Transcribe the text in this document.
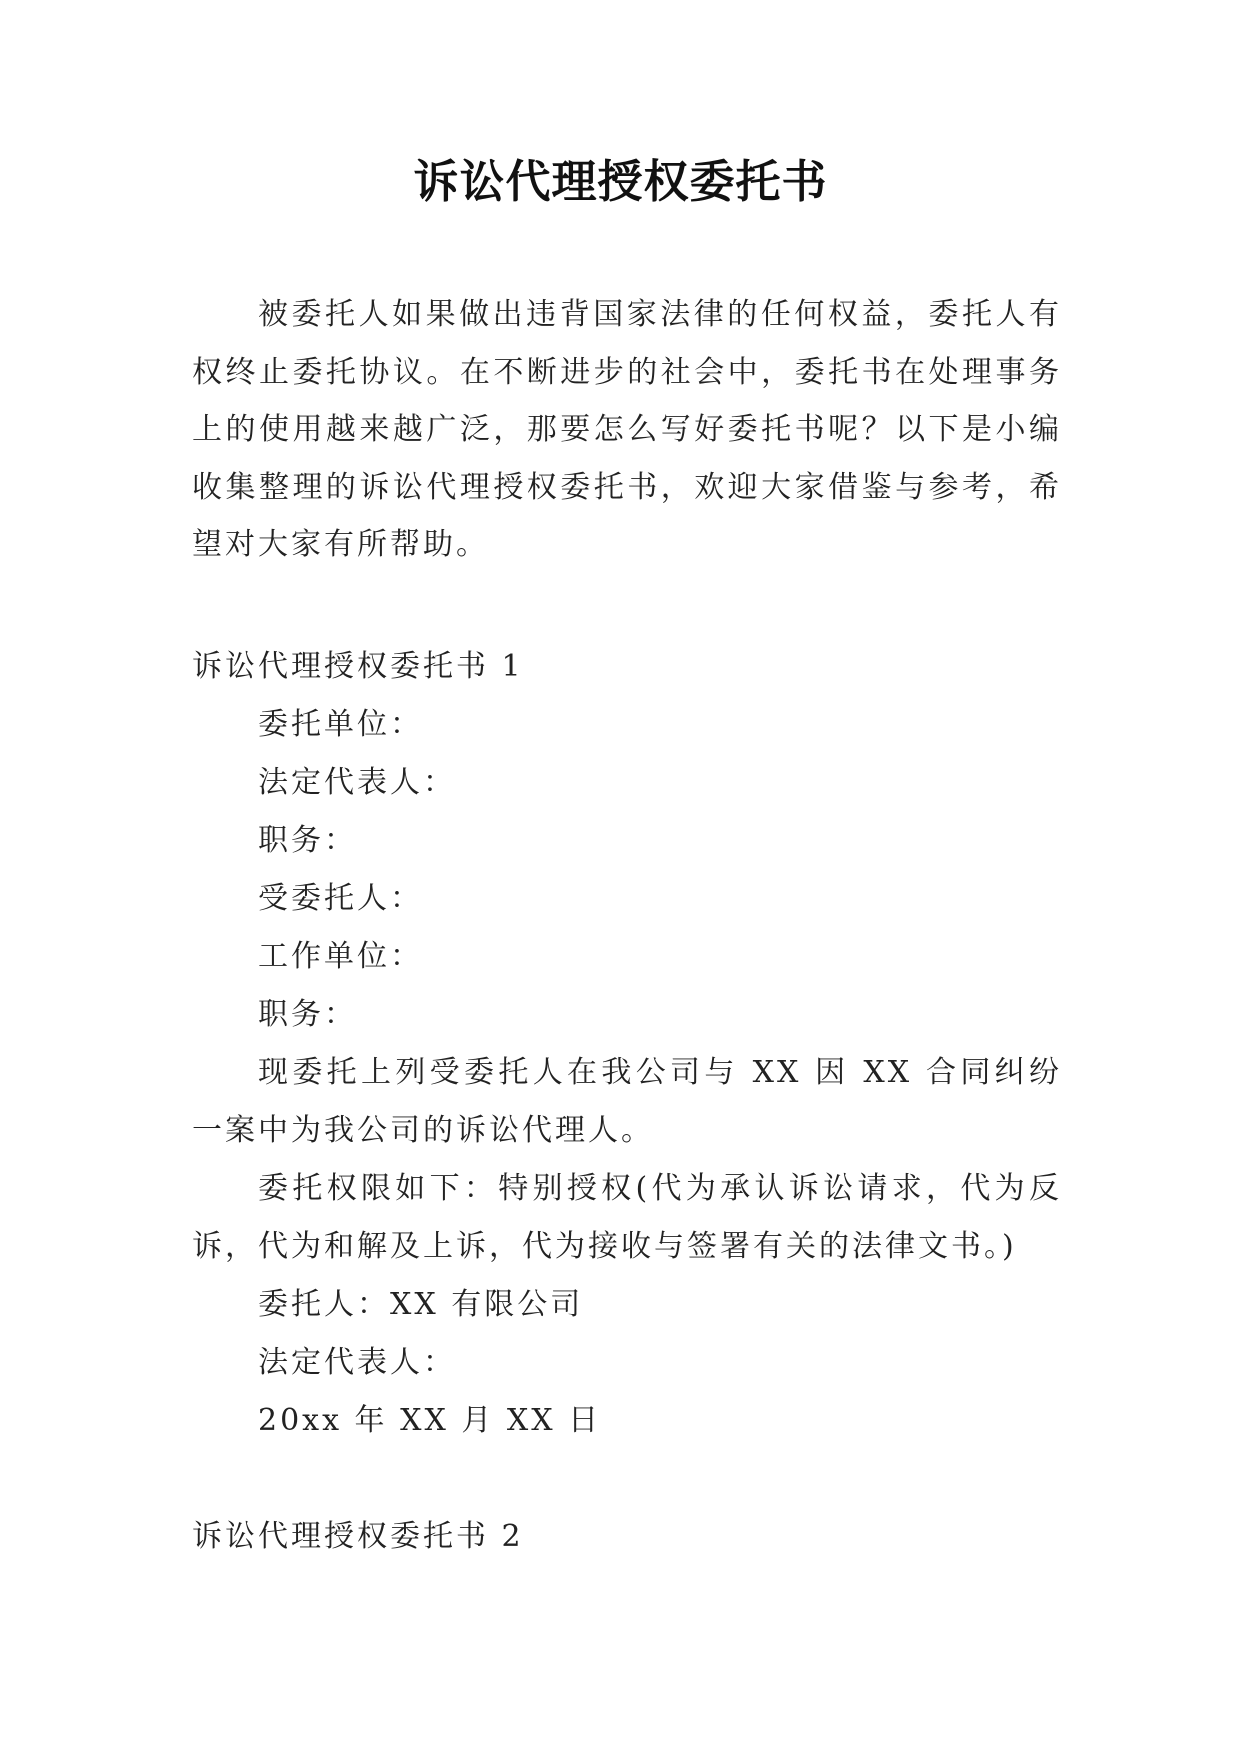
诉讼代理授权委托书

被委托人如果做出违背国家法律的任何权益，委托人有权终止委托协议。在不断进步的社会中，委托书在处理事务上的使用越来越广泛，那要怎么写好委托书呢？以下是小编收集整理的诉讼代理授权委托书，欢迎大家借鉴与参考，希望对大家有所帮助。

诉讼代理授权委托书 1

委托单位：

法定代表人：

职务：

受委托人：

工作单位：

职务：

现委托上列受委托人在我公司与 XX 因 XX 合同纠纷一案中为我公司的诉讼代理人。

委托权限如下：特别授权(代为承认诉讼请求，代为反诉，代为和解及上诉，代为接收与签署有关的法律文书。)

委托人：XX 有限公司

法定代表人：

20xx 年 XX 月 XX 日

诉讼代理授权委托书 2
